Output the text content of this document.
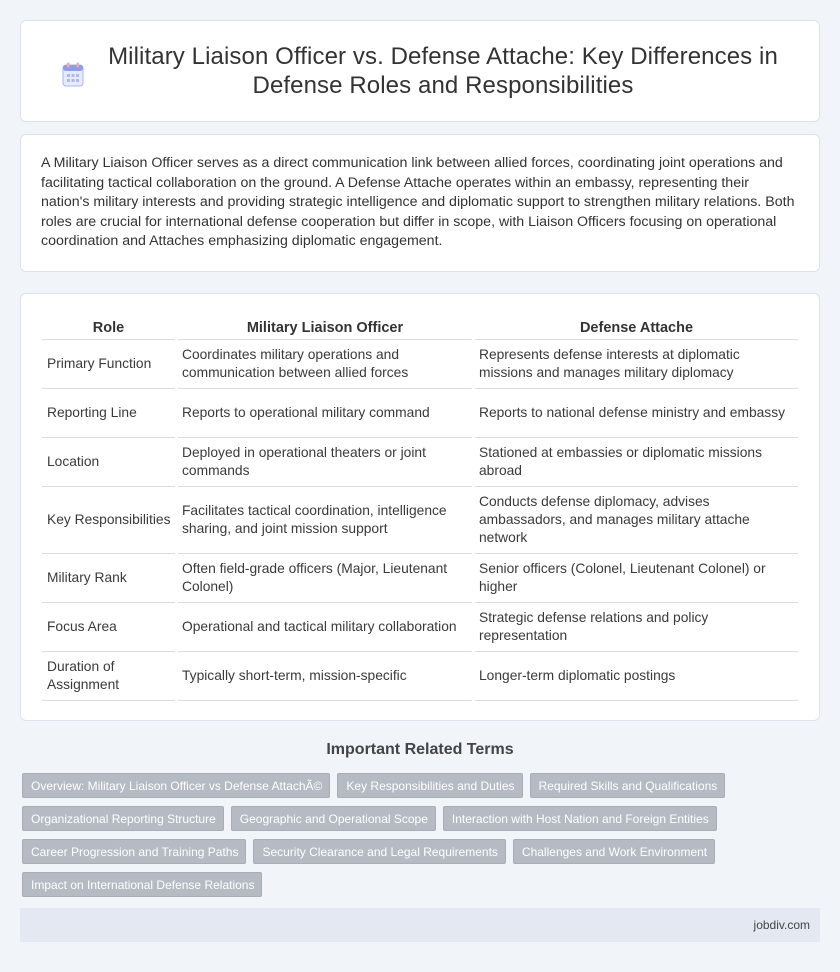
Military Liaison Officer vs. Defense Attache: Key Differences in Defense Roles and Responsibilities

A Military Liaison Officer serves as a direct communication link between allied forces, coordinating joint operations and facilitating tactical collaboration on the ground. A Defense Attache operates within an embassy, representing their nation's military interests and providing strategic intelligence and diplomatic support to strengthen military relations. Both roles are crucial for international defense cooperation but differ in scope, with Liaison Officers focusing on operational coordination and Attaches emphasizing diplomatic engagement.

Role	Military Liaison Officer	Defense Attache
Primary Function	Coordinates military operations and communication between allied forces	Represents defense interests at diplomatic missions and manages military diplomacy
Reporting Line	Reports to operational military command	Reports to national defense ministry and embassy
Location	Deployed in operational theaters or joint commands	Stationed at embassies or diplomatic missions abroad
Key Responsibilities	Facilitates tactical coordination, intelligence sharing, and joint mission support	Conducts defense diplomacy, advises ambassadors, and manages military attache network
Military Rank	Often field-grade officers (Major, Lieutenant Colonel)	Senior officers (Colonel, Lieutenant Colonel) or higher
Focus Area	Operational and tactical military collaboration	Strategic defense relations and policy representation
Duration of Assignment	Typically short-term, mission-specific	Longer-term diplomatic postings
Important Related Terms
Overview: Military Liaison Officer vs Defense AttachÃ©	Key Responsibilities and Duties	Required Skills and Qualifications
Organizational Reporting Structure	Geographic and Operational Scope	Interaction with Host Nation and Foreign Entities
Career Progression and Training Paths	Security Clearance and Legal Requirements	Challenges and Work Environment
Impact on International Defense Relations
jobdiv.com
